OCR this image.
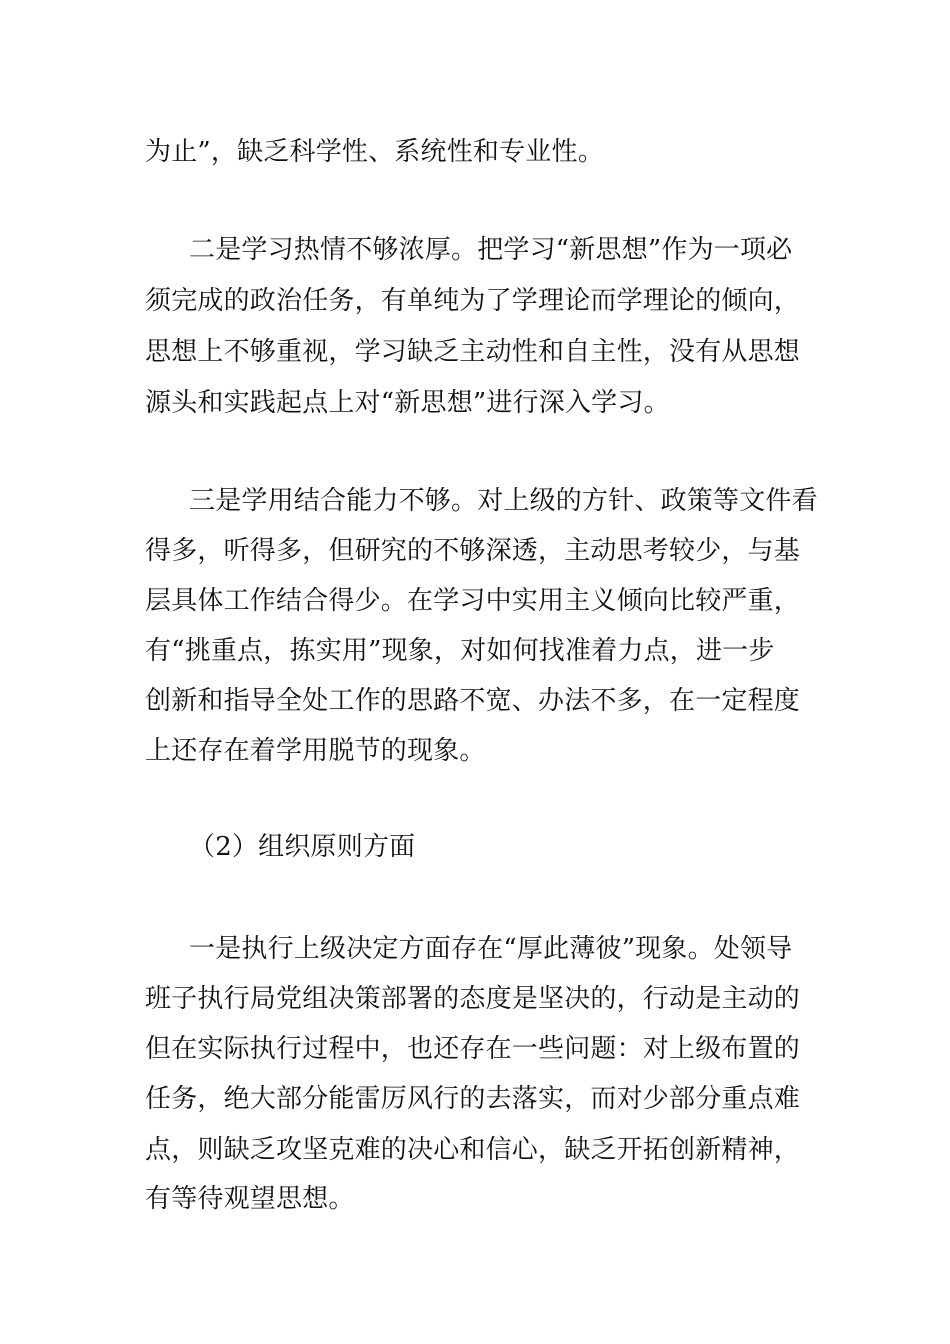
为止”，缺乏科学性、系统性和专业性。
二是学习热情不够浓厚。把学习“新思想”作为一项必
须完成的政治任务，有单纯为了学理论而学理论的倾向，
思想上不够重视，学习缺乏主动性和自主性，没有从思想
源头和实践起点上对“新思想”进行深入学习。
三是学用结合能力不够。对上级的方针、政策等文件看
得多，听得多，但研究的不够深透，主动思考较少，与基
层具体工作结合得少。在学习中实用主义倾向比较严重，
有“挑重点，拣实用”现象，对如何找准着力点，进一步
创新和指导全处工作的思路不宽、办法不多，在一定程度
上还存在着学用脱节的现象。
（2）组织原则方面
一是执行上级决定方面存在“厚此薄彼”现象。处领导
班子执行局党组决策部署的态度是坚决的，行动是主动的
但在实际执行过程中，也还存在一些问题：对上级布置的
任务，绝大部分能雷厉风行的去落实，而对少部分重点难
点，则缺乏攻坚克难的决心和信心，缺乏开拓创新精神，
有等待观望思想。
